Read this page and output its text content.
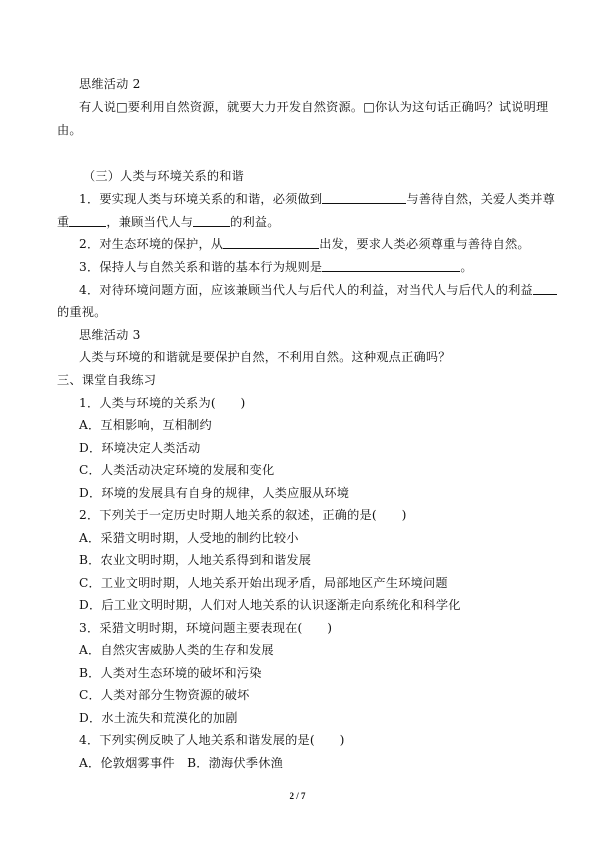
思维活动 2
有人说□要利用自然资源，就要大力开发自然资源。□你认为这句话正确吗？试说明理
由。
（三）人类与环境关系的和谐
1．要实现人类与环境关系的和谐，必须做到	与善待自然，关爱人类并尊
重	，兼顾当代人与	的利益。
2．对生态环境的保护，从	出发，要求人类必须尊重与善待自然。
3．保持人与自然关系和谐的基本行为规则是	。
4．对待环境问题方面，应该兼顾当代人与后代人的利益，对当代人与后代人的利益
的重视。
思维活动 3
人类与环境的和谐就是要保护自然，不利用自然。这种观点正确吗？
三、课堂自我练习
1．人类与环境的关系为(　　)
A．互相影响，互相制约
D．环境决定人类活动
C．人类活动决定环境的发展和变化
D．环境的发展具有自身的规律，人类应服从环境
2．下列关于一定历史时期人地关系的叙述，正确的是(　　)
A．采猎文明时期，人受地的制约比较小
B．农业文明时期，人地关系得到和谐发展
C．工业文明时期，人地关系开始出现矛盾，局部地区产生环境问题
D．后工业文明时期，人们对人地关系的认识逐渐走向系统化和科学化
3．采猎文明时期，环境问题主要表现在(　　)
A．自然灾害威胁人类的生存和发展
B．人类对生态环境的破坏和污染
C．人类对部分生物资源的破坏
D．水土流失和荒漠化的加剧
4．下列实例反映了人地关系和谐发展的是(　　)
A．伦敦烟雾事件　B．渤海伏季休渔
2 / 7
